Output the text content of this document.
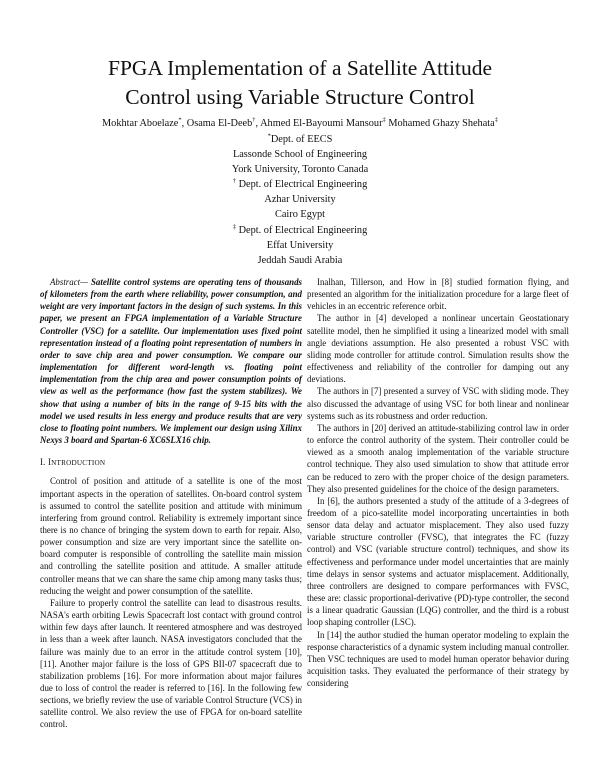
FPGA Implementation of a Satellite Attitude
Control using Variable Structure Control
Mokhtar Aboelaze*, Osama El-Deeb†, Ahmed El-Bayoumi Mansour‡ Mohamed Ghazy Shehata‡
*Dept. of EECS
Lassonde School of Engineering
York University, Toronto Canada
† Dept. of Electrical Engineering
Azhar University
Cairo Egypt
‡ Dept. of Electrical Engineering
Effat University
Jeddah Saudi Arabia

Abstract— Satellite control systems are operating tens of thousands of kilometers from the earth where reliability, power consumption, and weight are very important factors in the design of such systems. In this paper, we present an FPGA implementation of a Variable Structure Controller (VSC) for a satellite. Our implementation uses fixed point representation instead of a floating point representation of numbers in order to save chip area and power consumption. We compare our implementation for different word-length vs. floating point implementation from the chip area and power consumption points of view as well as the performance (how fast the system stabilizes). We show that using a number of bits in the range of 9-15 bits with the model we used results in less energy and produce results that are very close to floating point numbers. We implement our design using Xilinx Nexys 3 board and Spartan-6 XC6SLX16 chip.

I. INTRODUCTION

Control of position and attitude of a satellite is one of the most important aspects in the operation of satellites. On-board control system is assumed to control the satellite position and attitude with minimum interfering from ground control. Reliability is extremely important since there is no chance of bringing the system down to earth for repair. Also, power consumption and size are very important since the satellite on-board computer is responsible of controlling the satellite main mission and controlling the satellite position and attitude. A smaller attitude controller means that we can share the same chip among many tasks thus; reducing the weight and power consumption of the satellite.

Failure to properly control the satellite can lead to disastrous results. NASA's earth orbiting Lewis Spacecraft lost contact with ground control within few days after launch. It reentered atmosphere and was destroyed in less than a week after launch. NASA investigators concluded that the failure was mainly due to an error in the attitude control system [10], [11]. Another major failure is the loss of GPS BII-07 spacecraft due to stabilization problems [16]. For more information about major failures due to loss of control the reader is referred to [16]. In the following few sections, we briefly review the use of variable Control Structure (VCS) in satellite control. We also review the use of FPGA for on-board satellite control.

Inalhan, Tillerson, and How in [8] studied formation flying, and presented an algorithm for the initialization procedure for a large fleet of vehicles in an eccentric reference orbit.

The author in [4] developed a nonlinear uncertain Geostationary satellite model, then he simplified it using a linearized model with small angle deviations assumption. He also presented a robust VSC with sliding mode controller for attitude control. Simulation results show the effectiveness and reliability of the controller for damping out any deviations.

The authors in [7] presented a survey of VSC with sliding mode. They also discussed the advantage of using VSC for both linear and nonlinear systems such as its robustness and order reduction.

The authors in [20] derived an attitude-stabilizing control law in order to enforce the control authority of the system. Their controller could be viewed as a smooth analog implementation of the variable structure control technique. They also used simulation to show that attitude error can be reduced to zero with the proper choice of the design parameters. They also presented guidelines for the choice of the design parameters.

In [6], the authors presented a study of the attitude of a 3-degrees of freedom of a pico-satellite model incorporating uncertainties in both sensor data delay and actuator misplacement. They also used fuzzy variable structure controller (FVSC), that integrates the FC (fuzzy control) and VSC (variable structure control) techniques, and show its effectiveness and performance under model uncertainties that are mainly time delays in sensor systems and actuator misplacement. Additionally, three controllers are designed to compare performances with FVSC, these are: classic proportional-derivative (PD)-type controller, the second is a linear quadratic Gaussian (LQG) controller, and the third is a robust loop shaping controller (LSC).

In [14] the author studied the human operator modeling to explain the response characteristics of a dynamic system including manual controller. Then VSC techniques are used to model human operator behavior during acquisition tasks. They evaluated the performance of their strategy by considering
